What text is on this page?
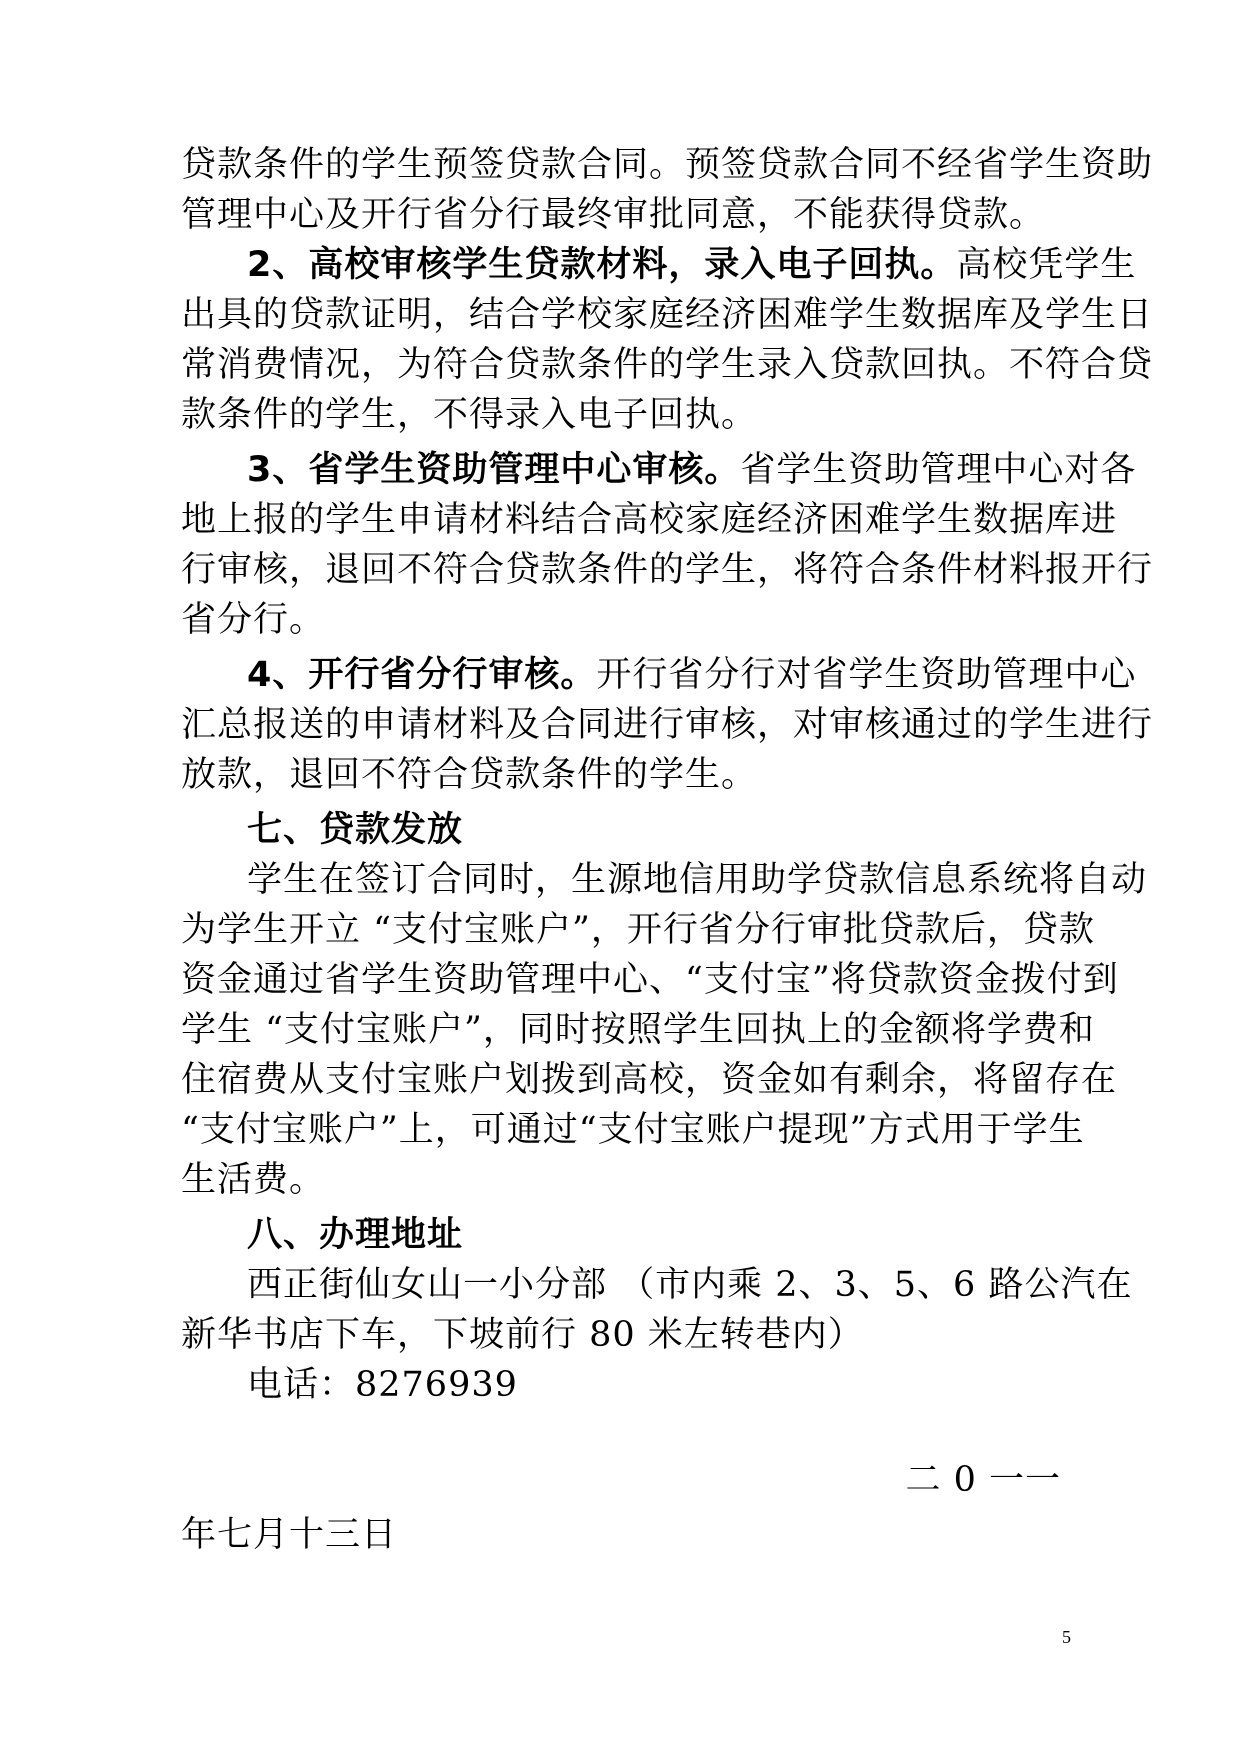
贷款条件的学生预签贷款合同。预签贷款合同不经省学生资助
管理中心及开行省分行最终审批同意，不能获得贷款。
2、高校审核学生贷款材料，录入电子回执。高校凭学生
出具的贷款证明，结合学校家庭经济困难学生数据库及学生日
常消费情况，为符合贷款条件的学生录入贷款回执。不符合贷
款条件的学生，不得录入电子回执。
3、省学生资助管理中心审核。省学生资助管理中心对各
地上报的学生申请材料结合高校家庭经济困难学生数据库进
行审核，退回不符合贷款条件的学生，将符合条件材料报开行
省分行。
4、开行省分行审核。开行省分行对省学生资助管理中心
汇总报送的申请材料及合同进行审核，对审核通过的学生进行
放款，退回不符合贷款条件的学生。
七、贷款发放
学生在签订合同时，生源地信用助学贷款信息系统将自动
为学生开立 “支付宝账户”，开行省分行审批贷款后，贷款
资金通过省学生资助管理中心、“支付宝”将贷款资金拨付到
学生 “支付宝账户”，同时按照学生回执上的金额将学费和
住宿费从支付宝账户划拨到高校，资金如有剩余，将留存在
“支付宝账户”上，可通过“支付宝账户提现”方式用于学生
生活费。
八、办理地址
西正街仙女山一小分部 （市内乘 2、3、5、6 路公汽在
新华书店下车，下坡前行 80 米左转巷内）
电话：8276939
二 0 一一
年七月十三日
5
